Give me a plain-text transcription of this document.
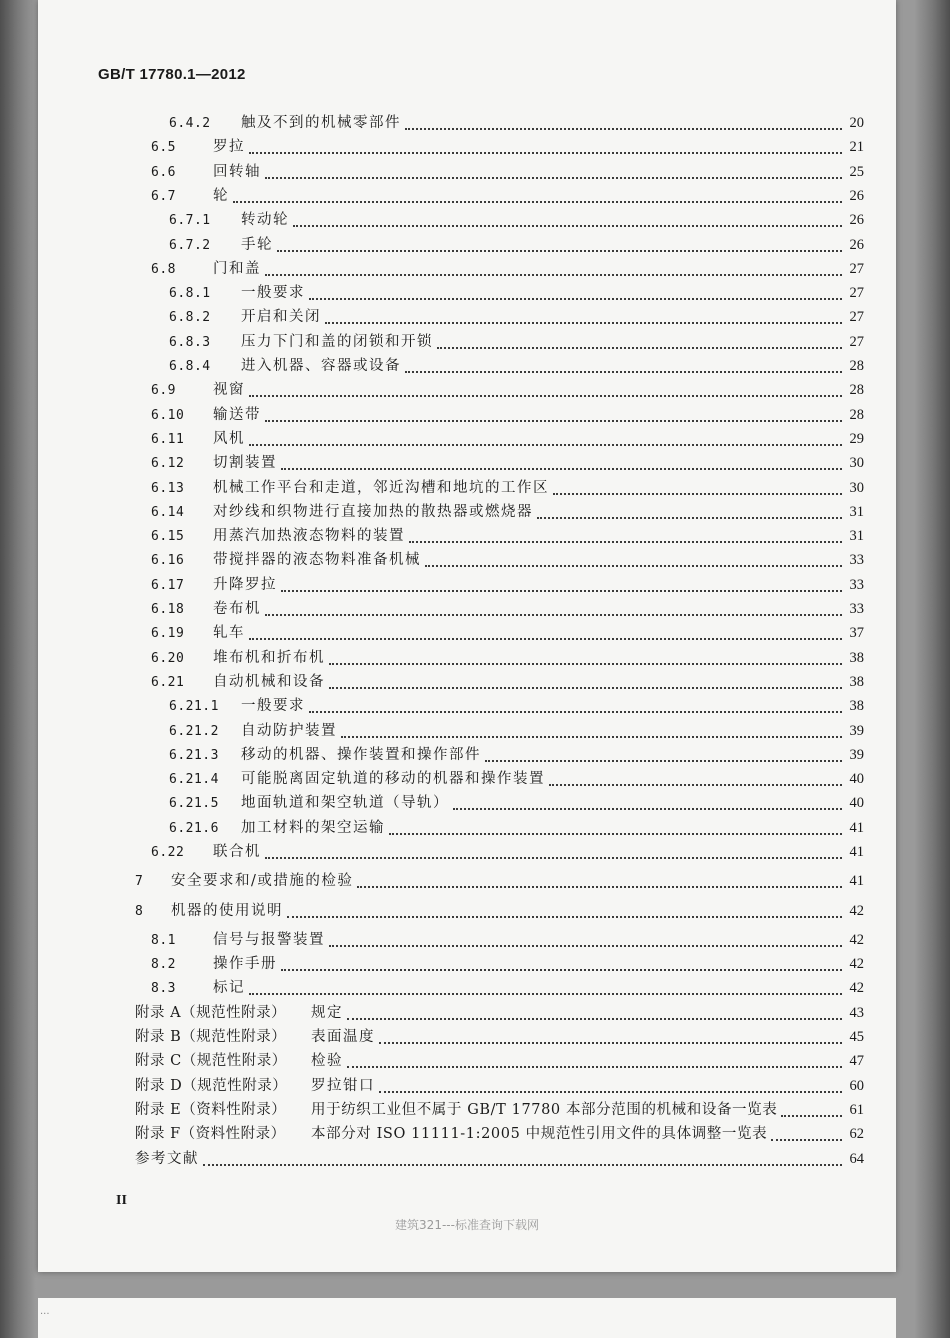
GB/T 17780.1—2012
6.4.2	触及不到的机械零部件	20
6.5	罗拉	21
6.6	回转轴	25
6.7	轮	26
6.7.1	转动轮	26
6.7.2	手轮	26
6.8	门和盖	27
6.8.1	一般要求	27
6.8.2	开启和关闭	27
6.8.3	压力下门和盖的闭锁和开锁	27
6.8.4	进入机器、容器或设备	28
6.9	视窗	28
6.10	输送带	28
6.11	风机	29
6.12	切割装置	30
6.13	机械工作平台和走道，邻近沟槽和地坑的工作区	30
6.14	对纱线和织物进行直接加热的散热器或燃烧器	31
6.15	用蒸汽加热液态物料的装置	31
6.16	带搅拌器的液态物料准备机械	33
6.17	升降罗拉	33
6.18	卷布机	33
6.19	轧车	37
6.20	堆布机和折布机	38
6.21	自动机械和设备	38
6.21.1	一般要求	38
6.21.2	自动防护装置	39
6.21.3	移动的机器、操作装置和操作部件	39
6.21.4	可能脱离固定轨道的移动的机器和操作装置	40
6.21.5	地面轨道和架空轨道（导轨）	40
6.21.6	加工材料的架空运输	41
6.22	联合机	41
7	安全要求和/或措施的检验	41
8	机器的使用说明	42
8.1	信号与报警装置	42
8.2	操作手册	42
8.3	标记	42
附录 A（规范性附录）	规定	43
附录 B（规范性附录）	表面温度	45
附录 C（规范性附录）	检验	47
附录 D（规范性附录）	罗拉钳口	60
附录 E（资料性附录）	用于纺织工业但不属于 GB/T 17780 本部分范围的机械和设备一览表	61
附录 F（资料性附录）	本部分对 ISO 11111-1:2005 中规范性引用文件的具体调整一览表	62
参考文献	64
II
建筑321---标准查询下载网
...
